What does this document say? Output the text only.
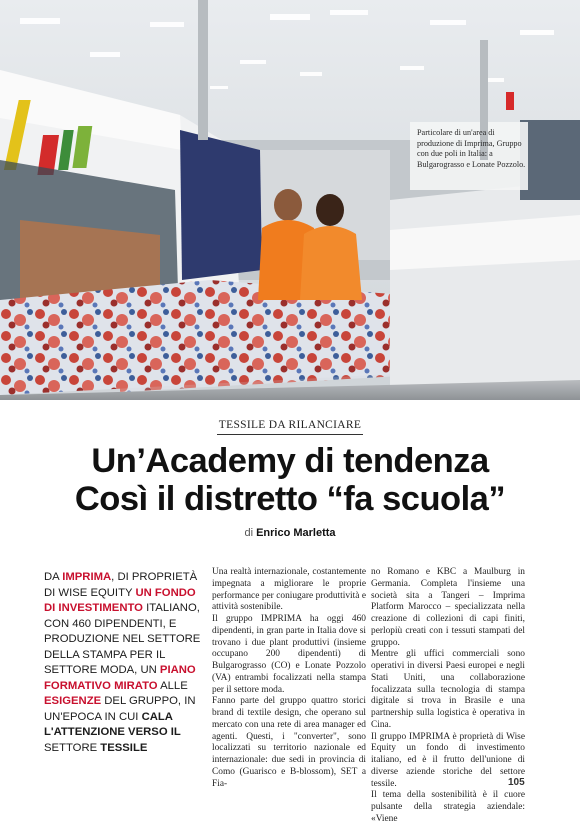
Particolare di un'area di produzione di Imprima, Gruppo con due poli in Italia: a Bulgarograsso e Lonate Pozzolo.
TESSILE DA RILANCIARE
Un’Academy di tendenza
Così il distretto “fa scuola”
di Enrico Marletta
DA IMPRIMA, DI PROPRIETÀ DI WISE EQUITY UN FONDO DI INVESTIMENTO ITALIANO, CON 460 DIPENDENTI, E PRODUZIONE NEL SETTORE DELLA STAMPA PER IL SETTORE MODA, UN PIANO FORMATIVO MIRATO ALLE ESIGENZE DEL GRUPPO, IN UN'EPOCA IN CUI CALA L'ATTENZIONE VERSO IL SETTORE TESSILE

Una realtà internazionale, costantemente impegnata a migliorare le proprie performance per coniugare produttività e attività sostenibile.

Il gruppo IMPRIMA ha oggi 460 dipendenti, in gran parte in Italia dove si trovano i due plant produttivi (insieme occupano 200 dipendenti) di Bulgarograsso (CO) e Lonate Pozzolo (VA) entrambi focalizzati nella stampa per il settore moda.

Fanno parte del gruppo quattro storici brand di textile design, che operano sul mercato con una rete di area manager ed agenti. Questi, i "converter", sono localizzati su territorio nazionale ed internazionale: due sedi in provincia di Como (Guarisco e B-blossom), SET a Fia-

no Romano e KBC a Maulburg in Germania. Completa l'insieme una società sita a Tangeri – Imprima Platform Marocco – specializzata nella creazione di collezioni di capi finiti, perlopiù creati con i tessuti stampati del gruppo.

Mentre gli uffici commerciali sono operativi in diversi Paesi europei e negli Stati Uniti, una collaborazione focalizzata sulla tecnologia di stampa digitale si trova in Brasile e una partnership sulla logistica è operativa in Cina.

Il gruppo IMPRIMA è proprietà di Wise Equity un fondo di investimento italiano, ed è il frutto dell'unione di diverse aziende storiche del settore tessile.

Il tema della sostenibilità è il cuore pulsante della strategia aziendale: «Viene

105
